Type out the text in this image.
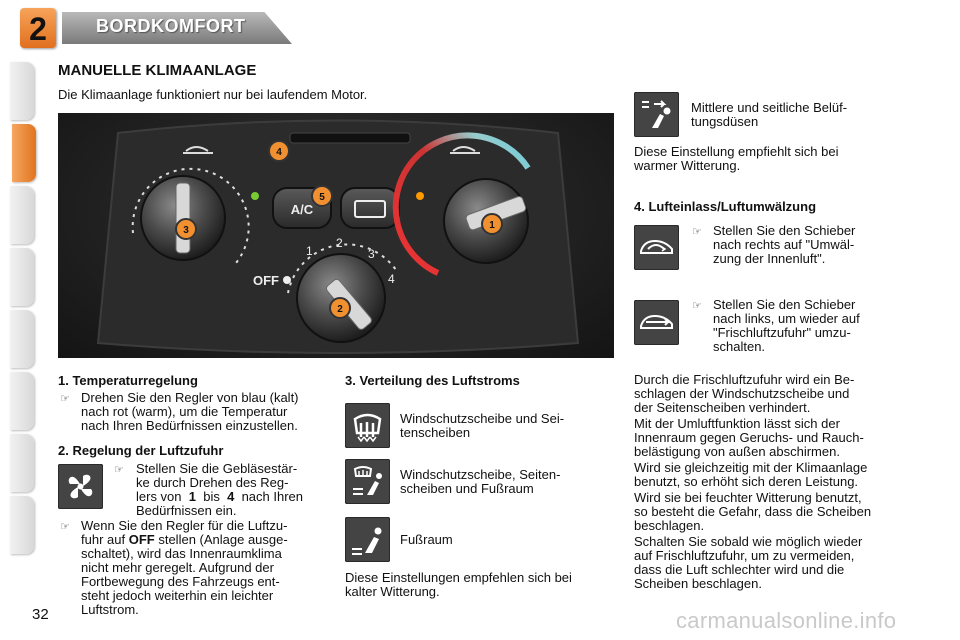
2	BORDKOMFORT
MANUELLE KLIMAANLAGE
Die Klimaanlage funktioniert nur bei laufendem Motor.
A/C
OFF
1
2
3
4
4
5
3	1
2
1. Temperaturregelung
☞ Drehen Sie den Regler von blau (kalt)
nach rot (warm), um die Temperatur
nach Ihren Bedürfnissen einzustellen.
2. Regelung der Luftzufuhr
☞ Stellen Sie die Gebläsestär-
ke durch Drehen des Reg-
lers von 1 bis 4 nach Ihren
Bedürfnissen ein.
☞ Wenn Sie den Regler für die Luftzu-
fuhr auf OFF stellen (Anlage ausge-
schaltet), wird das Innenraumklima
nicht mehr geregelt. Aufgrund der
Fortbewegung des Fahrzeugs ent-
steht jedoch weiterhin ein leichter
Luftstrom.
3. Verteilung des Luftstroms
Windschutzscheibe und Sei-
tenscheiben
Windschutzscheibe, Seiten-
scheiben und Fußraum
Fußraum
Diese Einstellungen empfehlen sich bei
kalter Witterung.
Mittlere und seitliche Belüf-
tungsdüsen
Diese Einstellung empfiehlt sich bei
warmer Witterung.
4. Lufteinlass/Luftumwälzung
☞ Stellen Sie den Schieber
nach rechts auf "Umwäl-
zung der Innenluft".
☞ Stellen Sie den Schieber
nach links, um wieder auf
"Frischluftzufuhr" umzu-
schalten.
Durch die Frischluftzufuhr wird ein Be-
schlagen der Windschutzscheibe und
der Seitenscheiben verhindert.
Mit der Umluftfunktion lässt sich der
Innenraum gegen Geruchs- und Rauch-
belästigung von außen abschirmen.
Wird sie gleichzeitig mit der Klimaanlage
benutzt, so erhöht sich deren Leistung.
Wird sie bei feuchter Witterung benutzt,
so besteht die Gefahr, dass die Scheiben
beschlagen.
Schalten Sie sobald wie möglich wieder
auf Frischluftzufuhr, um zu vermeiden,
dass die Luft schlechter wird und die
Scheiben beschlagen.
32	carmanualsonline.info
